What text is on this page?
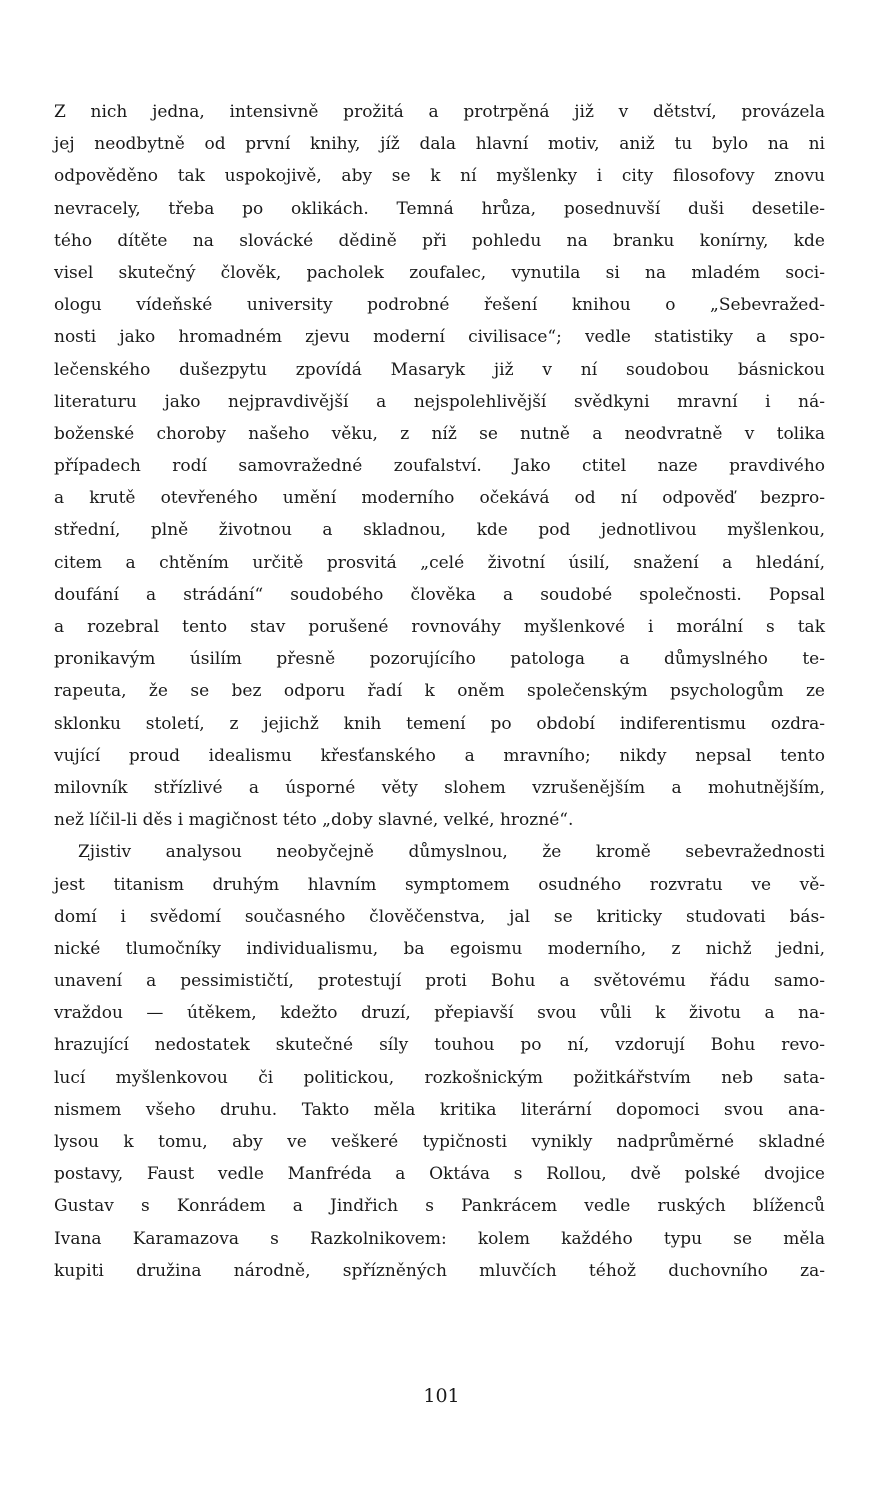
Z nich jedna, intensivně prožitá a protrpěná již v dětství, provázela
jej neodbytně od první knihy, jíž dala hlavní motiv, aniž tu bylo na ni
odpověděno tak uspokojivě, aby se k ní myšlenky i city filosofovy znovu
nevracely, třeba po oklikách. Temná hrůza, posednuvší duši desetile-
tého dítěte na slovácké dědině při pohledu na branku konírny, kde
visel skutečný člověk, pacholek zoufalec, vynutila si na mladém soci-
ologu vídeňské university podrobné řešení knihou o „Sebevražed-
nosti jako hromadném zjevu moderní civilisace“; vedle statistiky a spo-
lečenského dušezpytu zpovídá Masaryk již v ní soudobou básnickou
literaturu jako nejpravdivější a nejspolehlivější svědkyni mravní i ná-
boženské choroby našeho věku, z níž se nutně a neodvratně v tolika
případech rodí samovražedné zoufalství. Jako ctitel naze pravdivého
a krutě otevřeného umění moderního očekává od ní odpověď bezpro-
střední, plně životnou a skladnou, kde pod jednotlivou myšlenkou,
citem a chtěním určitě prosvitá „celé životní úsilí, snažení a hledání,
doufání a strádání“ soudobého člověka a soudobé společnosti. Popsal
a rozebral tento stav porušené rovnováhy myšlenkové i morální s tak
pronikavým úsilím přesně pozorujícího patologa a důmyslného te-
rapeuta, že se bez odporu řadí k oněm společenským psychologům ze
sklonku století, z jejichž knih temení po období indiferentismu ozdra-
vující proud idealismu křesťanského a mravního; nikdy nepsal tento
milovník střízlivé a úsporné věty slohem vzrušenějším a mohutnějším,
než líčil-li děs i magičnost této „doby slavné, velké, hrozné“.

Zjistiv analysou neobyčejně důmyslnou, že kromě sebevražednosti
jest titanism druhým hlavním symptomem osudného rozvratu ve vě-
domí i svědomí současného člověčenstva, jal se kriticky studovati bás-
nické tlumočníky individualismu, ba egoismu moderního, z nichž jedni,
unavení a pessimističtí, protestují proti Bohu a světovému řádu samo-
vraždou — útěkem, kdežto druzí, přepiavší svou vůli k životu a na-
hrazující nedostatek skutečné síly touhou po ní, vzdorují Bohu revo-
lucí myšlenkovou či politickou, rozkošnickým požitkářstvím neb sata-
nismem všeho druhu. Takto měla kritika literární dopomoci svou ana-
lysou k tomu, aby ve veškeré typičnosti vynikly nadprůměrné skladné
postavy, Faust vedle Manfréda a Oktáva s Rollou, dvě polské dvojice
Gustav s Konrádem a Jindřich s Pankrácem vedle ruských blíženců
Ivana Karamazova s Razkolnikovem: kolem každého typu se měla
kupiti družina národně, spřízněných mluvčích téhož duchovního za-

101
